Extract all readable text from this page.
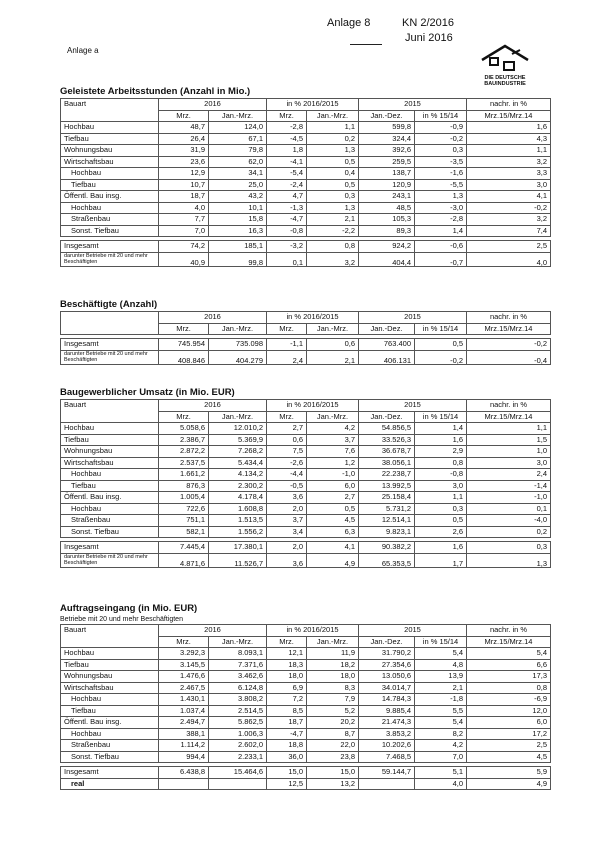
Anlage 8	KN 2/2016
Juni 2016
Anlage a
DIE DEUTSCHE
BAUINDUSTRIE
Geleistete Arbeitsstunden (Anzahl in Mio.)
Bauart	2016		in % 2016/2015		2015		nachr. in %
	Mrz.	Jan.-Mrz.	Mrz.	Jan.-Mrz.	Jan.-Dez.	in % 15/14	Mrz.15/Mrz.14
Hochbau	48,7	124,0	-2,8	1,1	599,8	-0,9	1,6
Tiefbau	26,4	67,1	-4,5	0,2	324,4	-0,2	4,3
Wohnungsbau	31,9	79,8	1,8	1,3	392,6	0,3	1,1
Wirtschaftsbau	23,6	62,0	-4,1	0,5	259,5	-3,5	3,2
Hochbau	12,9	34,1	-5,4	0,4	138,7	-1,6	3,3
Tiefbau	10,7	25,0	-2,4	0,5	120,9	-5,5	3,0
Öffentl. Bau insg.	18,7	43,2	4,7	0,3	243,1	1,3	4,1
Hochbau	4,0	10,1	-1,3	1,3	48,5	-3,0	-0,2
Straßenbau	7,7	15,8	-4,7	2,1	105,3	-2,8	3,2
Sonst. Tiefbau	7,0	16,3	-0,8	-2,2	89,3	1,4	7,4

Insgesamt	74,2	185,1	-3,2	0,8	924,2	-0,6	2,5
darunter Betriebe mit 20 und mehr Beschäftigten	40,9	99,8	0,1	3,2	404,4	-0,7	4,0
Beschäftigte (Anzahl)
	2016		in % 2016/2015		2015		nachr. in %
	Mrz.	Jan.-Mrz.	Mrz.	Jan.-Mrz.	Jan.-Dez.	in % 15/14	Mrz.15/Mrz.14

Insgesamt	745.954	735.098	-1,1	0,6	763.400	0,5	-0,2
darunter Betriebe mit 20 und mehr Beschäftigten	408.846	404.279	2,4	2,1	406.131	-0,2	-0,4
Baugewerblicher Umsatz (in Mio. EUR)
Bauart	2016		in % 2016/2015		2015		nachr. in %
	Mrz.	Jan.-Mrz.	Mrz.	Jan.-Mrz.	Jan.-Dez.	in % 15/14	Mrz.15/Mrz.14
Hochbau	5.058,6	12.010,2	2,7	4,2	54.856,5	1,4	1,1
Tiefbau	2.386,7	5.369,9	0,6	3,7	33.526,3	1,6	1,5
Wohnungsbau	2.872,2	7.268,2	7,5	7,6	36.678,7	2,9	1,0
Wirtschaftsbau	2.537,5	5.434,4	-2,6	1,2	38.056,1	0,8	3,0
Hochbau	1.661,2	4.134,2	-4,4	-1,0	22.238,7	-0,8	2,4
Tiefbau	876,3	2.300,2	-0,5	6,0	13.992,5	3,0	-1,4
Öffentl. Bau insg.	1.005,4	4.178,4	3,6	2,7	25.158,4	1,1	-1,0
Hochbau	722,6	1.608,8	2,0	0,5	5.731,2	0,3	0,1
Straßenbau	751,1	1.513,5	3,7	4,5	12.514,1	0,5	-4,0
Sonst. Tiefbau	582,1	1.556,2	3,4	6,3	9.823,1	2,6	0,2

Insgesamt	7.445,4	17.380,1	2,0	4,1	90.382,2	1,6	0,3
darunter Betriebe mit 20 und mehr Beschäftigten	4.871,6	11.526,7	3,6	4,9	65.353,5	1,7	1,3
Auftragseingang (in Mio. EUR)
Betriebe mit 20 und mehr Beschäftigten
Bauart	2016		in % 2016/2015		2015		nachr. in %
	Mrz.	Jan.-Mrz.	Mrz.	Jan.-Mrz.	Jan.-Dez.	in % 15/14	Mrz.15/Mrz.14
Hochbau	3.292,3	8.093,1	12,1	11,9	31.790,2	5,4	5,4
Tiefbau	3.145,5	7.371,6	18,3	18,2	27.354,6	4,8	6,6
Wohnungsbau	1.476,6	3.462,6	18,0	18,0	13.050,6	13,9	17,3
Wirtschaftsbau	2.467,5	6.124,8	6,9	8,3	34.014,7	2,1	0,8
Hochbau	1.430,1	3.808,2	7,2	7,9	14.784,3	-1,8	-6,9
Tiefbau	1.037,4	2.514,5	8,5	5,2	9.885,4	5,5	12,0
Öffentl. Bau insg.	2.494,7	5.862,5	18,7	20,2	21.474,3	5,4	6,0
Hochbau	388,1	1.006,3	-4,7	8,7	3.853,2	8,2	17,2
Straßenbau	1.114,2	2.602,0	18,8	22,0	10.202,6	4,2	2,5
Sonst. Tiefbau	994,4	2.233,1	36,0	23,8	7.468,5	7,0	4,5

Insgesamt	6.438,8	15.464,6	15,0	15,0	59.144,7	5,1	5,9
real			12,5	13,2		4,0	4,9
